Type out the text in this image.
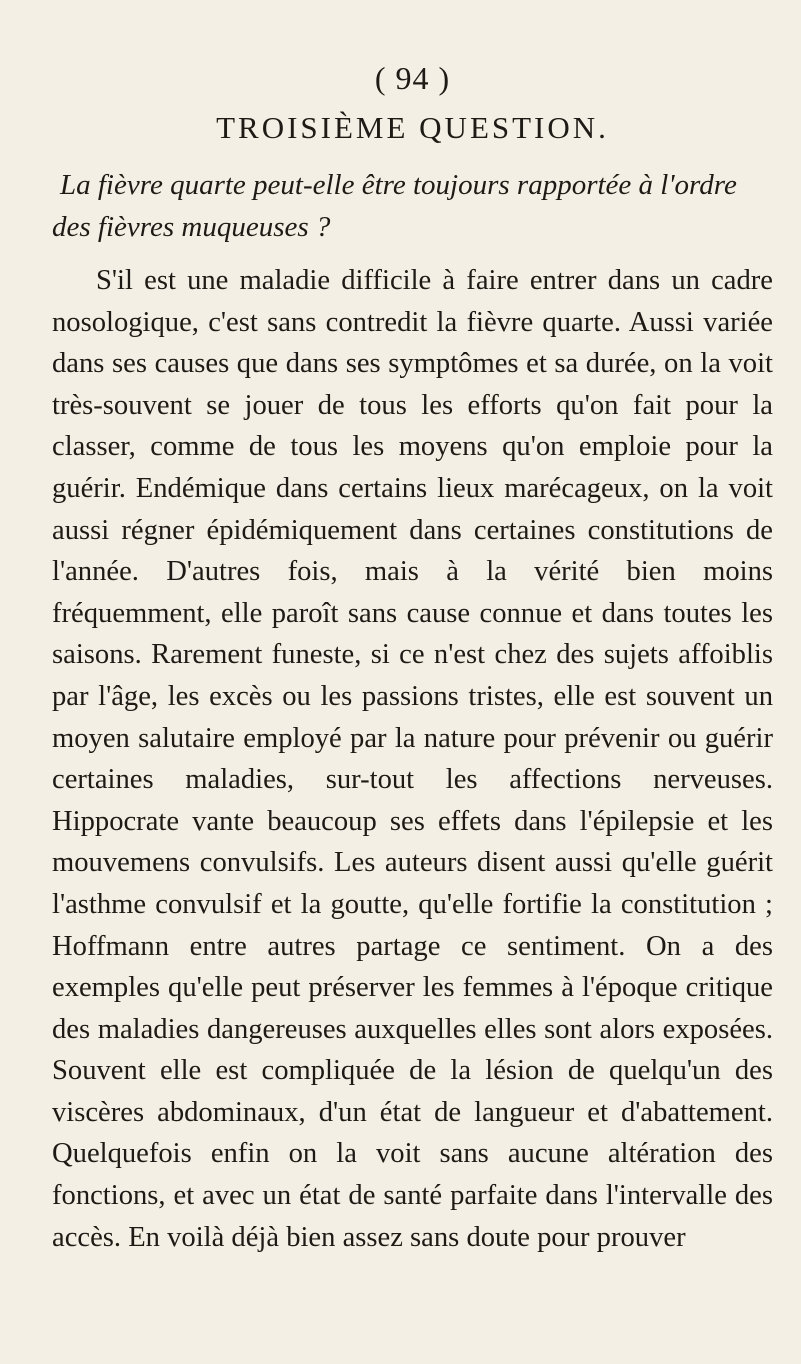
( 94 )
TROISIÈME QUESTION.

La fièvre quarte peut-elle être toujours rapportée à l'ordre des fièvres muqueuses ?

S'il est une maladie difficile à faire entrer dans un cadre nosologique, c'est sans contredit la fièvre quarte. Aussi variée dans ses causes que dans ses symptômes et sa durée, on la voit très-souvent se jouer de tous les efforts qu'on fait pour la classer, comme de tous les moyens qu'on emploie pour la guérir. Endémique dans certains lieux marécageux, on la voit aussi régner épidémiquement dans certaines constitutions de l'année. D'autres fois, mais à la vérité bien moins fréquemment, elle paroît sans cause connue et dans toutes les saisons. Rarement funeste, si ce n'est chez des sujets affoiblis par l'âge, les excès ou les passions tristes, elle est souvent un moyen salutaire employé par la nature pour prévenir ou guérir certaines maladies, sur-tout les affections nerveuses. Hippocrate vante beaucoup ses effets dans l'épilepsie et les mouvemens convulsifs. Les auteurs disent aussi qu'elle guérit l'asthme convulsif et la goutte, qu'elle fortifie la constitution ; Hoffmann entre autres partage ce sentiment. On a des exemples qu'elle peut préserver les femmes à l'époque critique des maladies dangereuses auxquelles elles sont alors exposées. Souvent elle est compliquée de la lésion de quelqu'un des viscères abdominaux, d'un état de langueur et d'abattement. Quelquefois enfin on la voit sans aucune altération des fonctions, et avec un état de santé parfaite dans l'intervalle des accès. En voilà déjà bien assez sans doute pour prouver
